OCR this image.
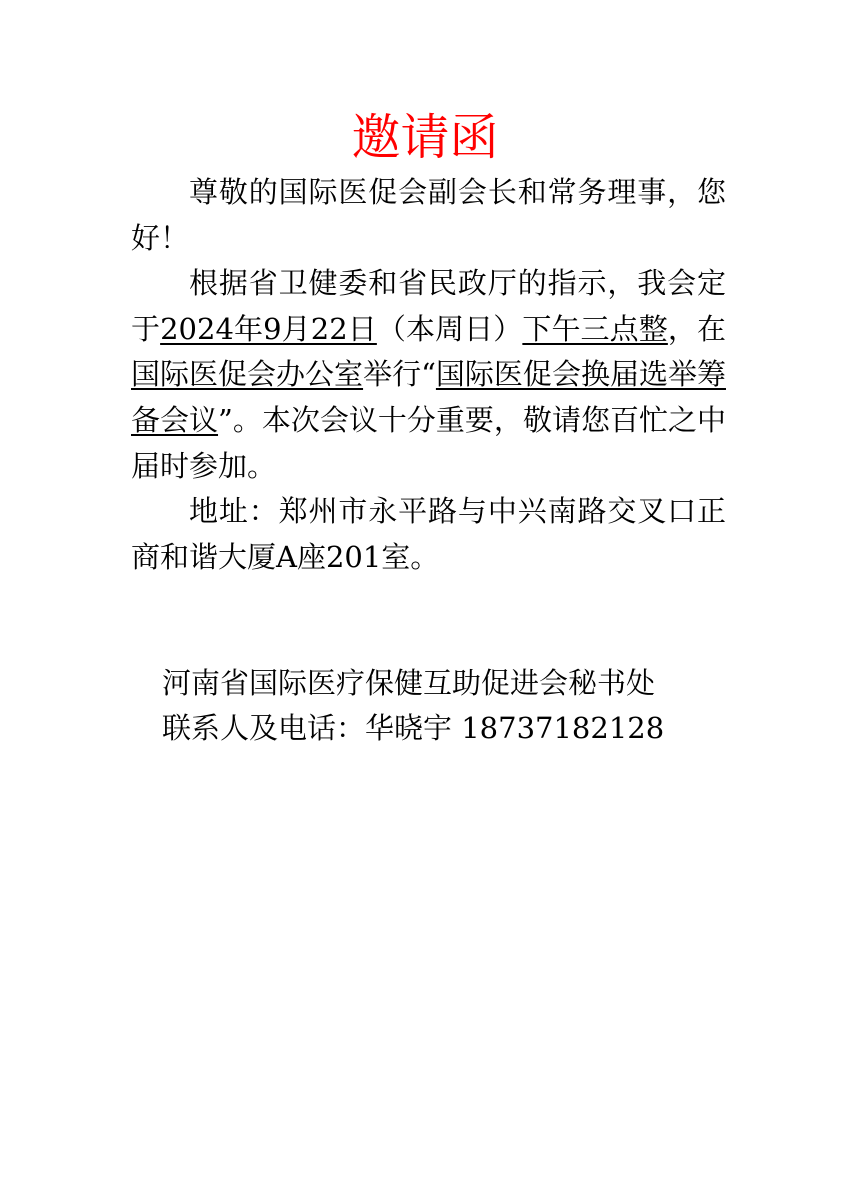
邀请函

尊敬的国际医促会副会长和常务理事，您好！

根据省卫健委和省民政厅的指示，我会定于2024年9月22日（本周日）下午三点整，在国际医促会办公室举行“国际医促会换届选举筹备会议”。本次会议十分重要，敬请您百忙之中届时参加。

地址：郑州市永平路与中兴南路交叉口正商和谐大厦A座201室。

河南省国际医疗保健互助促进会秘书处
联系人及电话：华晓宇 18737182128
